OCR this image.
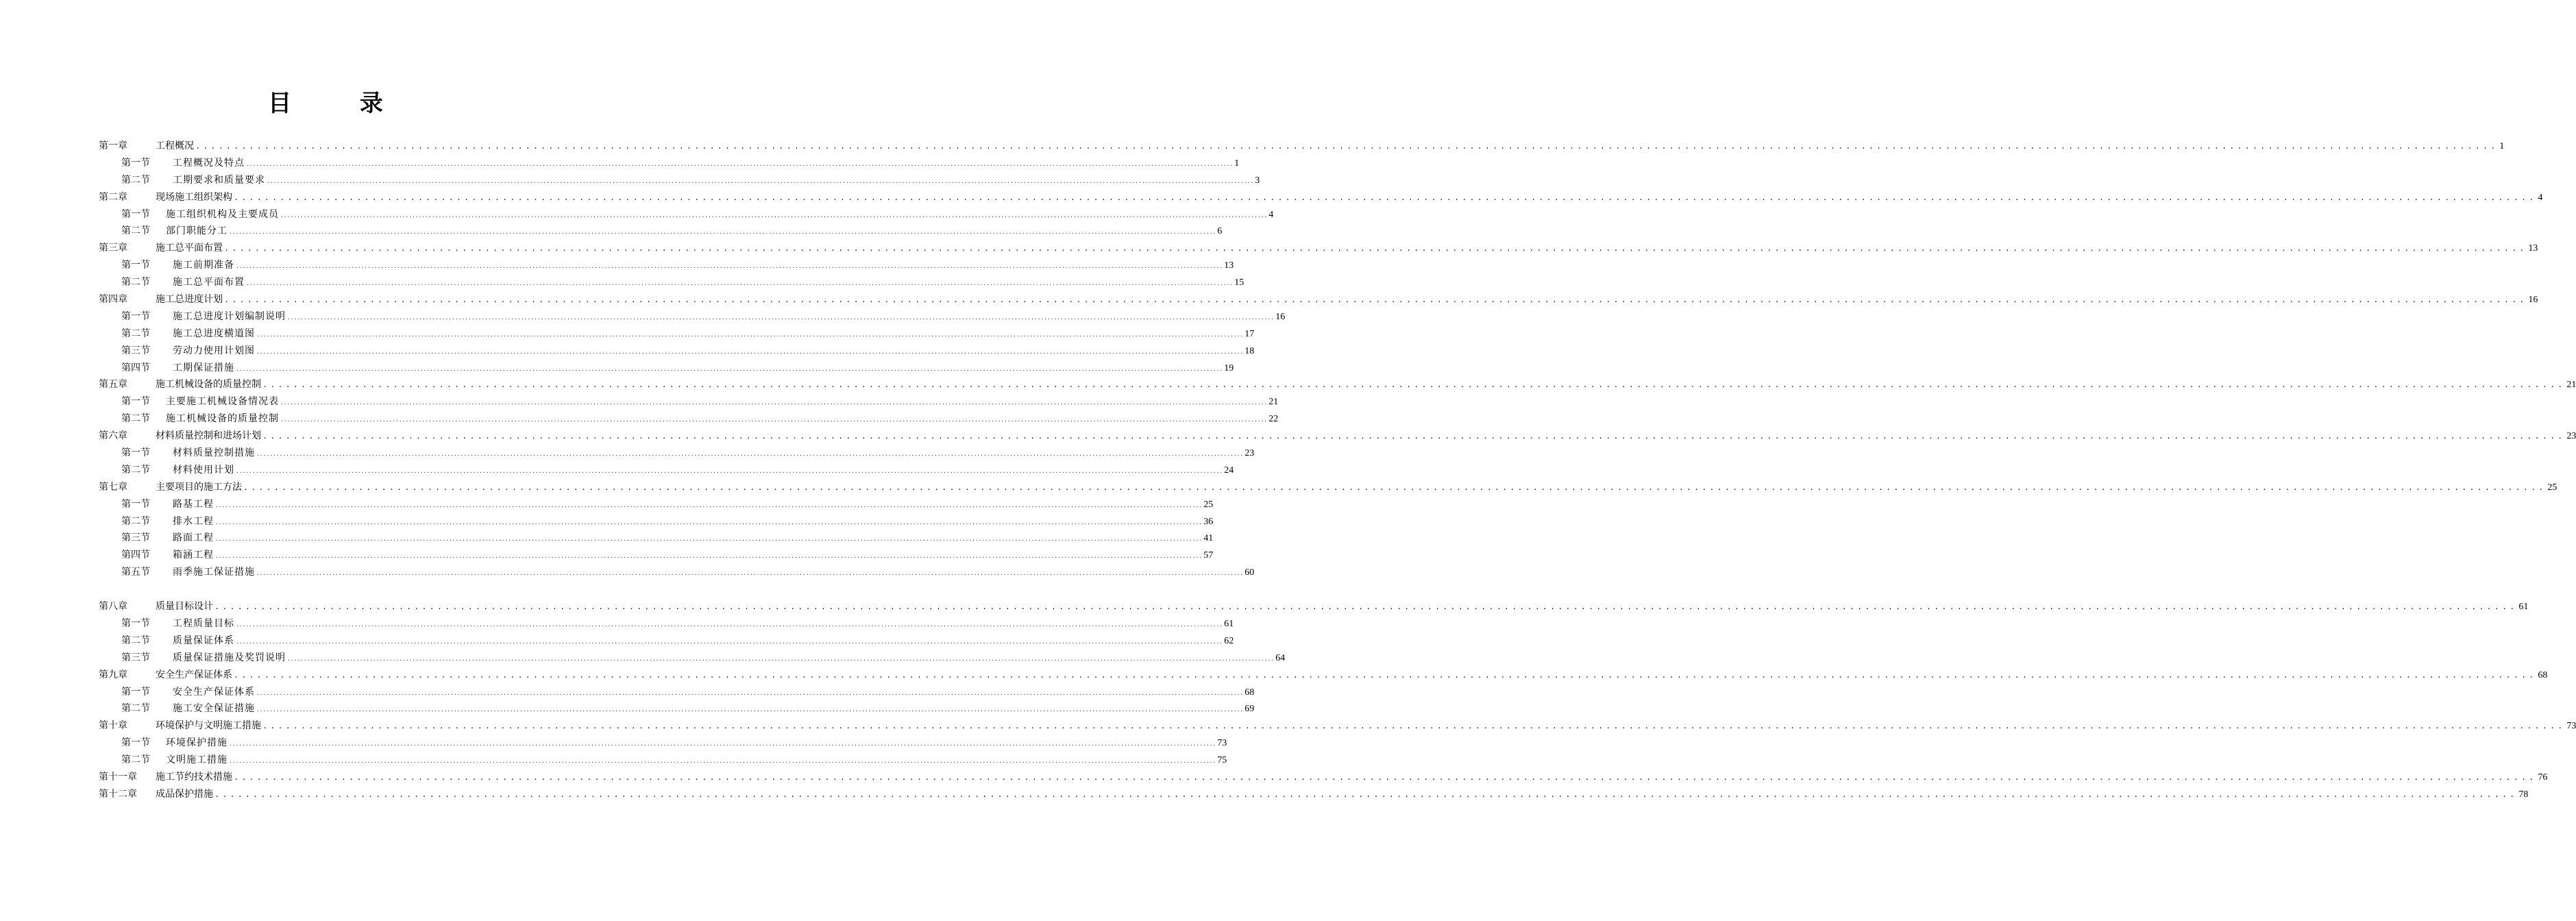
目 录
第一章	工程概况 ............................................................................................................................................................................................................................................................................................................ 1
第一节	工程概况及特点 ............................................................................................................................................................................................................................................................................................................ 1
第二节	工期要求和质量要求 ............................................................................................................................................................................................................................................................................................................ 3
第二章	现场施工组织架构 ............................................................................................................................................................................................................................................................................................................ 4
第一节	施工组织机构及主要成员 ............................................................................................................................................................................................................................................................................................................ 4
第二节	部门职能分工 ............................................................................................................................................................................................................................................................................................................ 6
第三章	施工总平面布置 ............................................................................................................................................................................................................................................................................................................ 13
第一节	施工前期准备 ............................................................................................................................................................................................................................................................................................................ 13
第二节	施工总平面布置 ............................................................................................................................................................................................................................................................................................................ 15
第四章	施工总进度计划 ............................................................................................................................................................................................................................................................................................................ 16
第一节	施工总进度计划编制说明 ............................................................................................................................................................................................................................................................................................................ 16
第二节	施工总进度横道图 ............................................................................................................................................................................................................................................................................................................ 17
第三节	劳动力使用计划图 ............................................................................................................................................................................................................................................................................................................ 18
第四节	工期保证措施 ............................................................................................................................................................................................................................................................................................................ 19
第五章	施工机械设备的质量控制 ............................................................................................................................................................................................................................................................................................................ 21
第一节	主要施工机械设备情况表 ............................................................................................................................................................................................................................................................................................................ 21
第二节	施工机械设备的质量控制 ............................................................................................................................................................................................................................................................................................................ 22
第六章	材料质量控制和进场计划 ............................................................................................................................................................................................................................................................................................................ 23
第一节	材料质量控制措施 ............................................................................................................................................................................................................................................................................................................ 23
第二节	材料使用计划 ............................................................................................................................................................................................................................................................................................................ 24
第七章	主要项目的施工方法 ............................................................................................................................................................................................................................................................................................................ 25
第一节	路基工程 ............................................................................................................................................................................................................................................................................................................ 25
第二节	排水工程 ............................................................................................................................................................................................................................................................................................................ 36
第三节	路面工程 ............................................................................................................................................................................................................................................................................................................ 41
第四节	箱涵工程 ............................................................................................................................................................................................................................................................................................................ 57
第五节	雨季施工保证措施 ............................................................................................................................................................................................................................................................................................................ 60
第八章	质量目标设计 ............................................................................................................................................................................................................................................................................................................ 61
第一节	工程质量目标 ............................................................................................................................................................................................................................................................................................................ 61
第二节	质量保证体系 ............................................................................................................................................................................................................................................................................................................ 62
第三节	质量保证措施及奖罚说明 ............................................................................................................................................................................................................................................................................................................ 64
第九章	安全生产保证体系 ............................................................................................................................................................................................................................................................................................................ 68
第一节	安全生产保证体系 ............................................................................................................................................................................................................................................................................................................ 68
第二节	施工安全保证措施 ............................................................................................................................................................................................................................................................................................................ 69
第十章	环境保护与文明施工措施 ............................................................................................................................................................................................................................................................................................................ 73
第一节	环境保护措施 ............................................................................................................................................................................................................................................................................................................ 73
第二节	文明施工措施 ............................................................................................................................................................................................................................................................................................................ 75
第十一章	施工节约技术措施 ............................................................................................................................................................................................................................................................................................................ 76
第十二章	成品保护措施 ............................................................................................................................................................................................................................................................................................................ 78
